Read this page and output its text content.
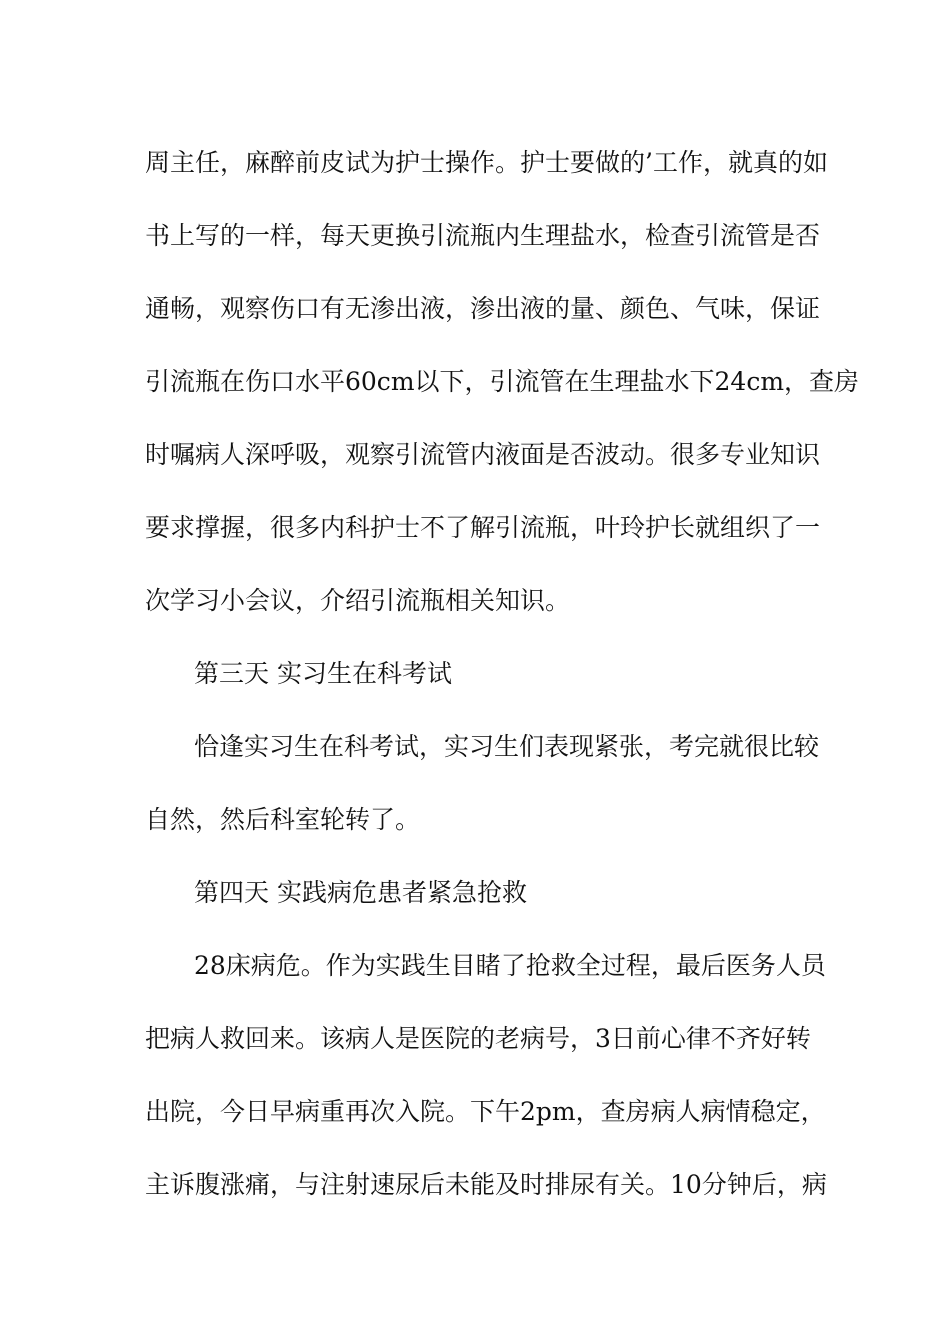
周主任，麻醉前皮试为护士操作。护士要做的’工作，就真的如
书上写的一样，每天更换引流瓶内生理盐水，检查引流管是否
通畅，观察伤口有无渗出液，渗出液的量、颜色、气味，保证
引流瓶在伤口水平60cm以下，引流管在生理盐水下24cm，查房
时嘱病人深呼吸，观察引流管内液面是否波动。很多专业知识
要求撑握，很多内科护士不了解引流瓶，叶玲护长就组织了一
次学习小会议，介绍引流瓶相关知识。
第三天 实习生在科考试
恰逢实习生在科考试，实习生们表现紧张，考完就很比较
自然，然后科室轮转了。
第四天 实践病危患者紧急抢救
28床病危。作为实践生目睹了抢救全过程，最后医务人员
把病人救回来。该病人是医院的老病号，3日前心律不齐好转
出院，今日早病重再次入院。下午2pm，查房病人病情稳定，
主诉腹涨痛，与注射速尿后未能及时排尿有关。10分钟后，病
